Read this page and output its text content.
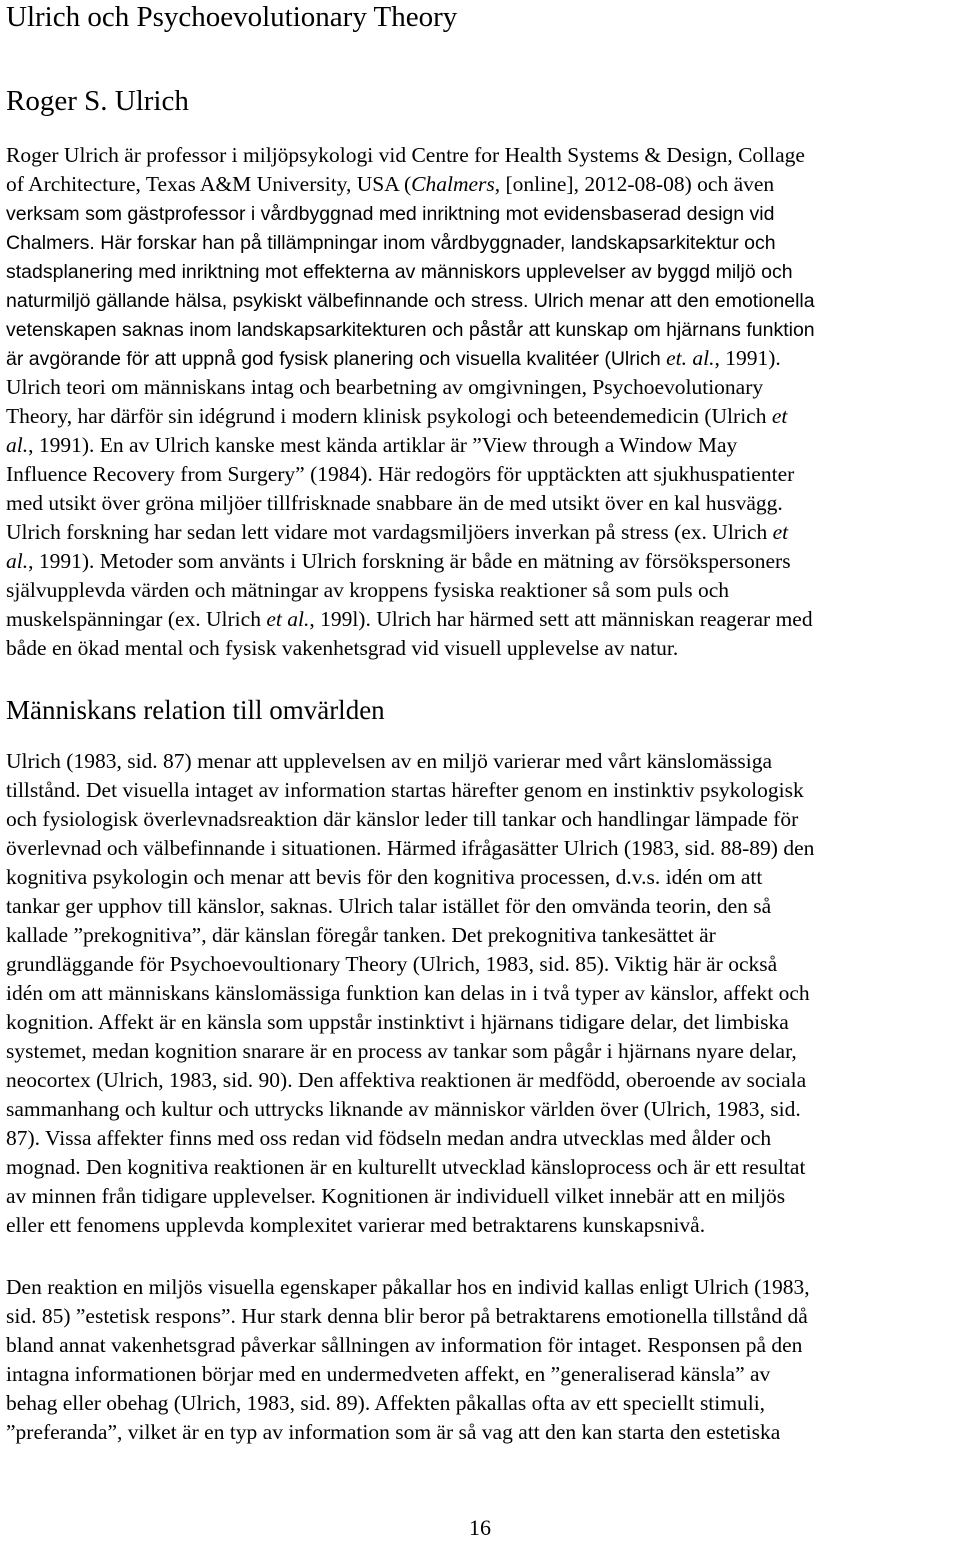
Ulrich och Psychoevolutionary Theory
Roger S. Ulrich
Roger Ulrich är professor i miljöpsykologi vid Centre for Health Systems & Design, Collage
of Architecture, Texas A&M University, USA (Chalmers, [online], 2012-08-08) och även
verksam som gästprofessor i vårdbyggnad med inriktning mot evidensbaserad design vid
Chalmers. Här forskar han på tillämpningar inom vårdbyggnader, landskapsarkitektur och
stadsplanering med inriktning mot effekterna av människors upplevelser av byggd miljö och
naturmiljö gällande hälsa, psykiskt välbefinnande och stress. Ulrich menar att den emotionella
vetenskapen saknas inom landskapsarkitekturen och påstår att kunskap om hjärnans funktion
är avgörande för att uppnå god fysisk planering och visuella kvalitéer (Ulrich et. al., 1991).
Ulrich teori om människans intag och bearbetning av omgivningen, Psychoevolutionary
Theory, har därför sin idégrund i modern klinisk psykologi och beteendemedicin (Ulrich et
al., 1991). En av Ulrich kanske mest kända artiklar är ”View through a Window May
Influence Recovery from Surgery” (1984). Här redogörs för upptäckten att sjukhuspatienter
med utsikt över gröna miljöer tillfrisknade snabbare än de med utsikt över en kal husvägg.
Ulrich forskning har sedan lett vidare mot vardagsmiljöers inverkan på stress (ex. Ulrich et
al., 1991). Metoder som använts i Ulrich forskning är både en mätning av försökspersoners
självupplevda värden och mätningar av kroppens fysiska reaktioner så som puls och
muskelspänningar (ex. Ulrich et al., 199l). Ulrich har härmed sett att människan reagerar med
både en ökad mental och fysisk vakenhetsgrad vid visuell upplevelse av natur.
Människans relation till omvärlden
Ulrich (1983, sid. 87) menar att upplevelsen av en miljö varierar med vårt känslomässiga
tillstånd. Det visuella intaget av information startas härefter genom en instinktiv psykologisk
och fysiologisk överlevnadsreaktion där känslor leder till tankar och handlingar lämpade för
överlevnad och välbefinnande i situationen. Härmed ifrågasätter Ulrich (1983, sid. 88-89) den
kognitiva psykologin och menar att bevis för den kognitiva processen, d.v.s. idén om att
tankar ger upphov till känslor, saknas. Ulrich talar istället för den omvända teorin, den så
kallade ”prekognitiva”, där känslan föregår tanken. Det prekognitiva tankesättet är
grundläggande för Psychoevoultionary Theory (Ulrich, 1983, sid. 85). Viktig här är också
idén om att människans känslomässiga funktion kan delas in i två typer av känslor, affekt och
kognition. Affekt är en känsla som uppstår instinktivt i hjärnans tidigare delar, det limbiska
systemet, medan kognition snarare är en process av tankar som pågår i hjärnans nyare delar,
neocortex (Ulrich, 1983, sid. 90). Den affektiva reaktionen är medfödd, oberoende av sociala
sammanhang och kultur och uttrycks liknande av människor världen över (Ulrich, 1983, sid.
87). Vissa affekter finns med oss redan vid födseln medan andra utvecklas med ålder och
mognad. Den kognitiva reaktionen är en kulturellt utvecklad känsloprocess och är ett resultat
av minnen från tidigare upplevelser. Kognitionen är individuell vilket innebär att en miljös
eller ett fenomens upplevda komplexitet varierar med betraktarens kunskapsnivå.
Den reaktion en miljös visuella egenskaper påkallar hos en individ kallas enligt Ulrich (1983,
sid. 85) ”estetisk respons”. Hur stark denna blir beror på betraktarens emotionella tillstånd då
bland annat vakenhetsgrad påverkar sållningen av information för intaget. Responsen på den
intagna informationen börjar med en undermedveten affekt, en ”generaliserad känsla” av
behag eller obehag (Ulrich, 1983, sid. 89). Affekten påkallas ofta av ett speciellt stimuli,
”preferanda”, vilket är en typ av information som är så vag att den kan starta den estetiska
16
